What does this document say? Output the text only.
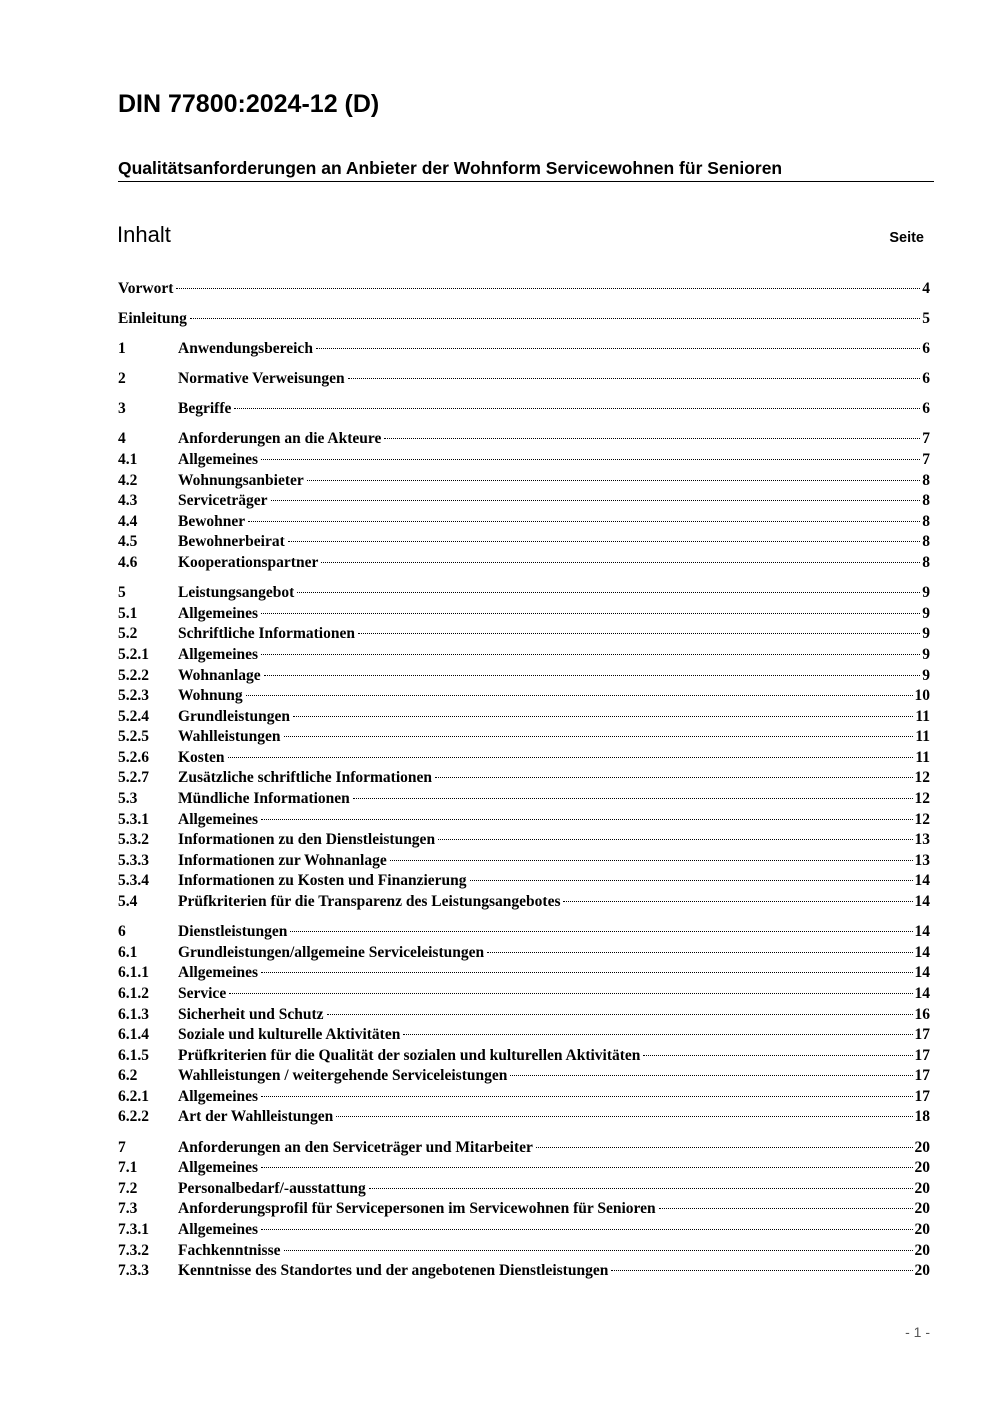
DIN 77800:2024-12 (D)
Qualitätsanforderungen an Anbieter der Wohnform Servicewohnen für Senioren
Inhalt	Seite
Vorwort	4
Einleitung	5
1	Anwendungsbereich	6
2	Normative Verweisungen	6
3	Begriffe	6
4	Anforderungen an die Akteure	7
4.1	Allgemeines	7
4.2	Wohnungsanbieter	8
4.3	Serviceträger	8
4.4	Bewohner	8
4.5	Bewohnerbeirat	8
4.6	Kooperationspartner	8
5	Leistungsangebot	9
5.1	Allgemeines	9
5.2	Schriftliche Informationen	9
5.2.1	Allgemeines	9
5.2.2	Wohnanlage	9
5.2.3	Wohnung	10
5.2.4	Grundleistungen	11
5.2.5	Wahlleistungen	11
5.2.6	Kosten	11
5.2.7	Zusätzliche schriftliche Informationen	12
5.3	Mündliche Informationen	12
5.3.1	Allgemeines	12
5.3.2	Informationen zu den Dienstleistungen	13
5.3.3	Informationen zur Wohnanlage	13
5.3.4	Informationen zu Kosten und Finanzierung	14
5.4	Prüfkriterien für die Transparenz des Leistungsangebotes	14
6	Dienstleistungen	14
6.1	Grundleistungen/allgemeine Serviceleistungen	14
6.1.1	Allgemeines	14
6.1.2	Service	14
6.1.3	Sicherheit und Schutz	16
6.1.4	Soziale und kulturelle Aktivitäten	17
6.1.5	Prüfkriterien für die Qualität der sozialen und kulturellen Aktivitäten	17
6.2	Wahlleistungen / weitergehende Serviceleistungen	17
6.2.1	Allgemeines	17
6.2.2	Art der Wahlleistungen	18
7	Anforderungen an den Serviceträger und Mitarbeiter	20
7.1	Allgemeines	20
7.2	Personalbedarf/-ausstattung	20
7.3	Anforderungsprofil für Servicepersonen im Servicewohnen für Senioren	20
7.3.1	Allgemeines	20
7.3.2	Fachkenntnisse	20
7.3.3	Kenntnisse des Standortes und der angebotenen Dienstleistungen	20
- 1 -
